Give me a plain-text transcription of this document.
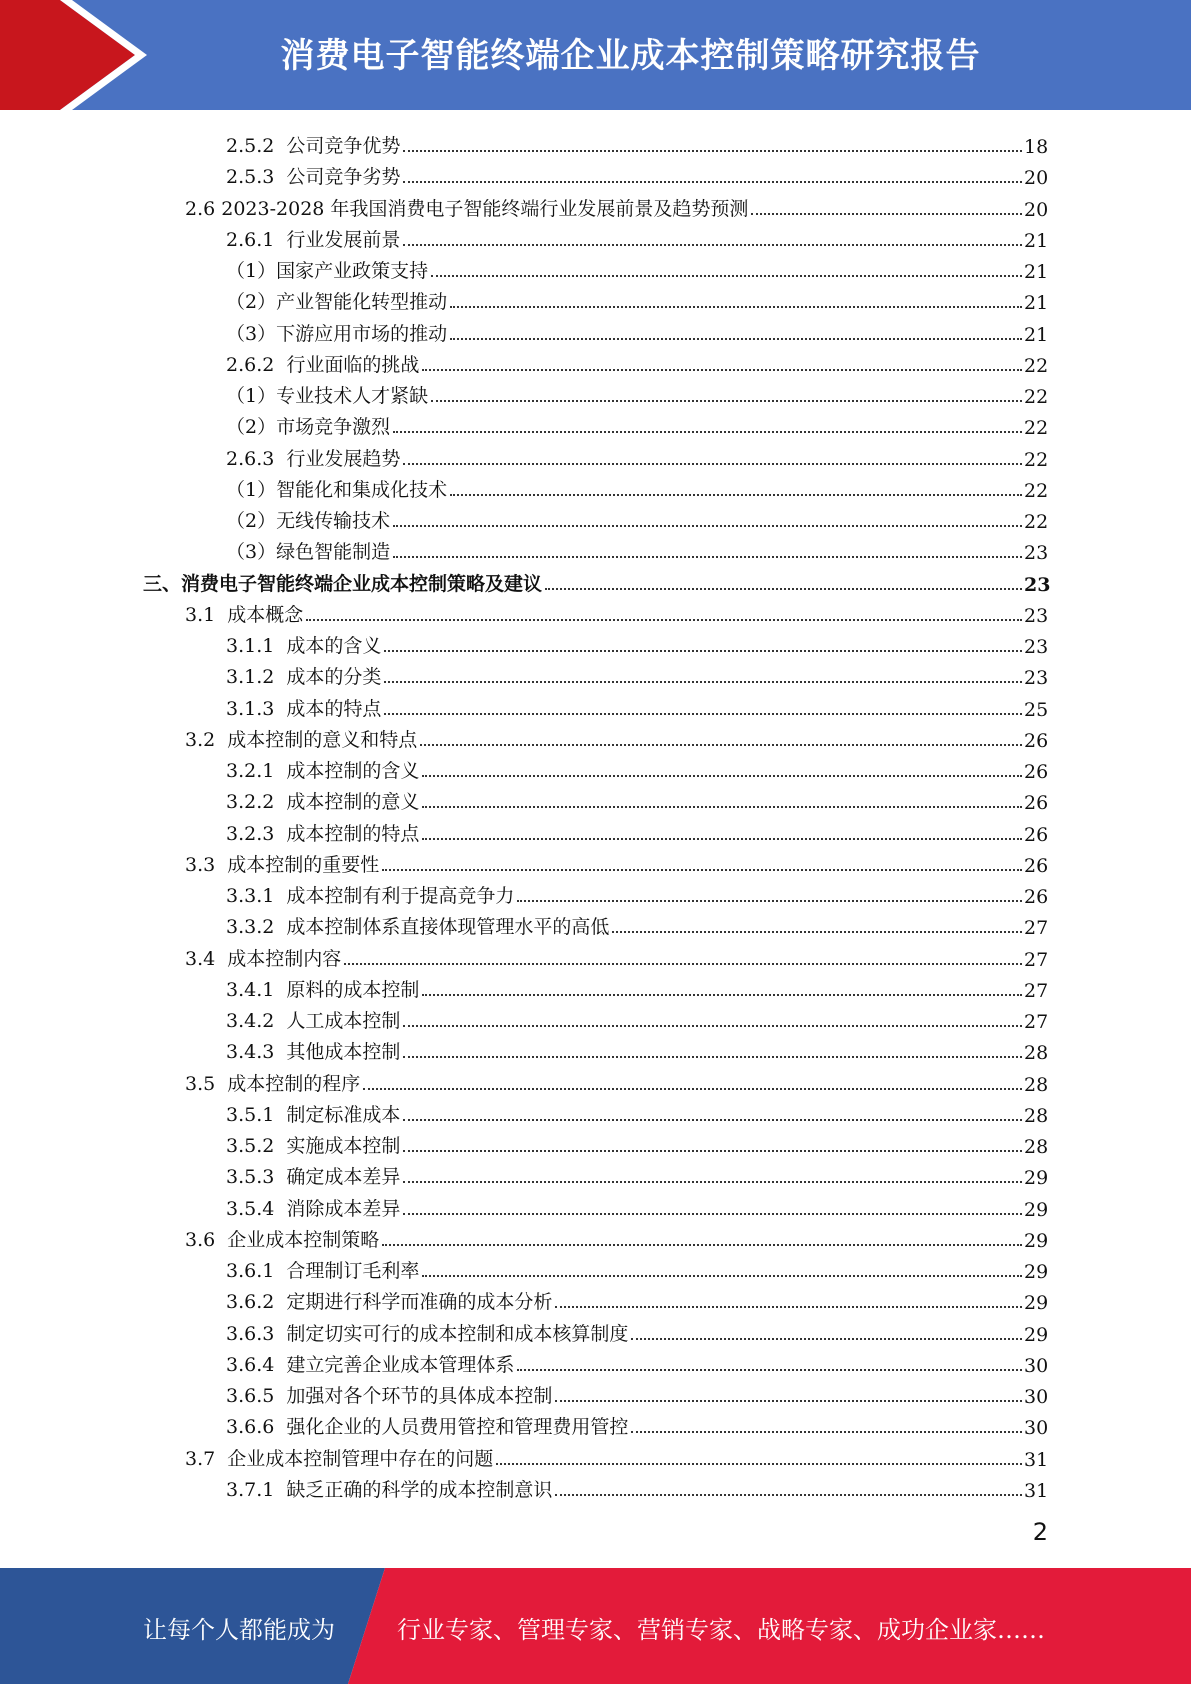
消费电子智能终端企业成本控制策略研究报告
2.5.2  公司竞争优势	18
2.5.3  公司竞争劣势	20
2.6 2023-2028 年我国消费电子智能终端行业发展前景及趋势预测	20
2.6.1  行业发展前景	21
（1）国家产业政策支持	21
（2）产业智能化转型推动	21
（3）下游应用市场的推动	21
2.6.2  行业面临的挑战	22
（1）专业技术人才紧缺	22
（2）市场竞争激烈	22
2.6.3  行业发展趋势	22
（1）智能化和集成化技术	22
（2）无线传输技术	22
（3）绿色智能制造	23
三、消费电子智能终端企业成本控制策略及建议	23
3.1  成本概念	23
3.1.1  成本的含义	23
3.1.2  成本的分类	23
3.1.3  成本的特点	25
3.2  成本控制的意义和特点	26
3.2.1  成本控制的含义	26
3.2.2  成本控制的意义	26
3.2.3  成本控制的特点	26
3.3  成本控制的重要性	26
3.3.1  成本控制有利于提高竞争力	26
3.3.2  成本控制体系直接体现管理水平的高低	27
3.4  成本控制内容	27
3.4.1  原料的成本控制	27
3.4.2  人工成本控制	27
3.4.3  其他成本控制	28
3.5  成本控制的程序	28
3.5.1  制定标准成本	28
3.5.2  实施成本控制	28
3.5.3  确定成本差异	29
3.5.4  消除成本差异	29
3.6  企业成本控制策略	29
3.6.1  合理制订毛利率	29
3.6.2  定期进行科学而准确的成本分析	29
3.6.3  制定切实可行的成本控制和成本核算制度	29
3.6.4  建立完善企业成本管理体系	30
3.6.5  加强对各个环节的具体成本控制	30
3.6.6  强化企业的人员费用管控和管理费用管控	30
3.7  企业成本控制管理中存在的问题	31
3.7.1  缺乏正确的科学的成本控制意识	31
2
让每个人都能成为	行业专家、管理专家、营销专家、战略专家、成功企业家……
